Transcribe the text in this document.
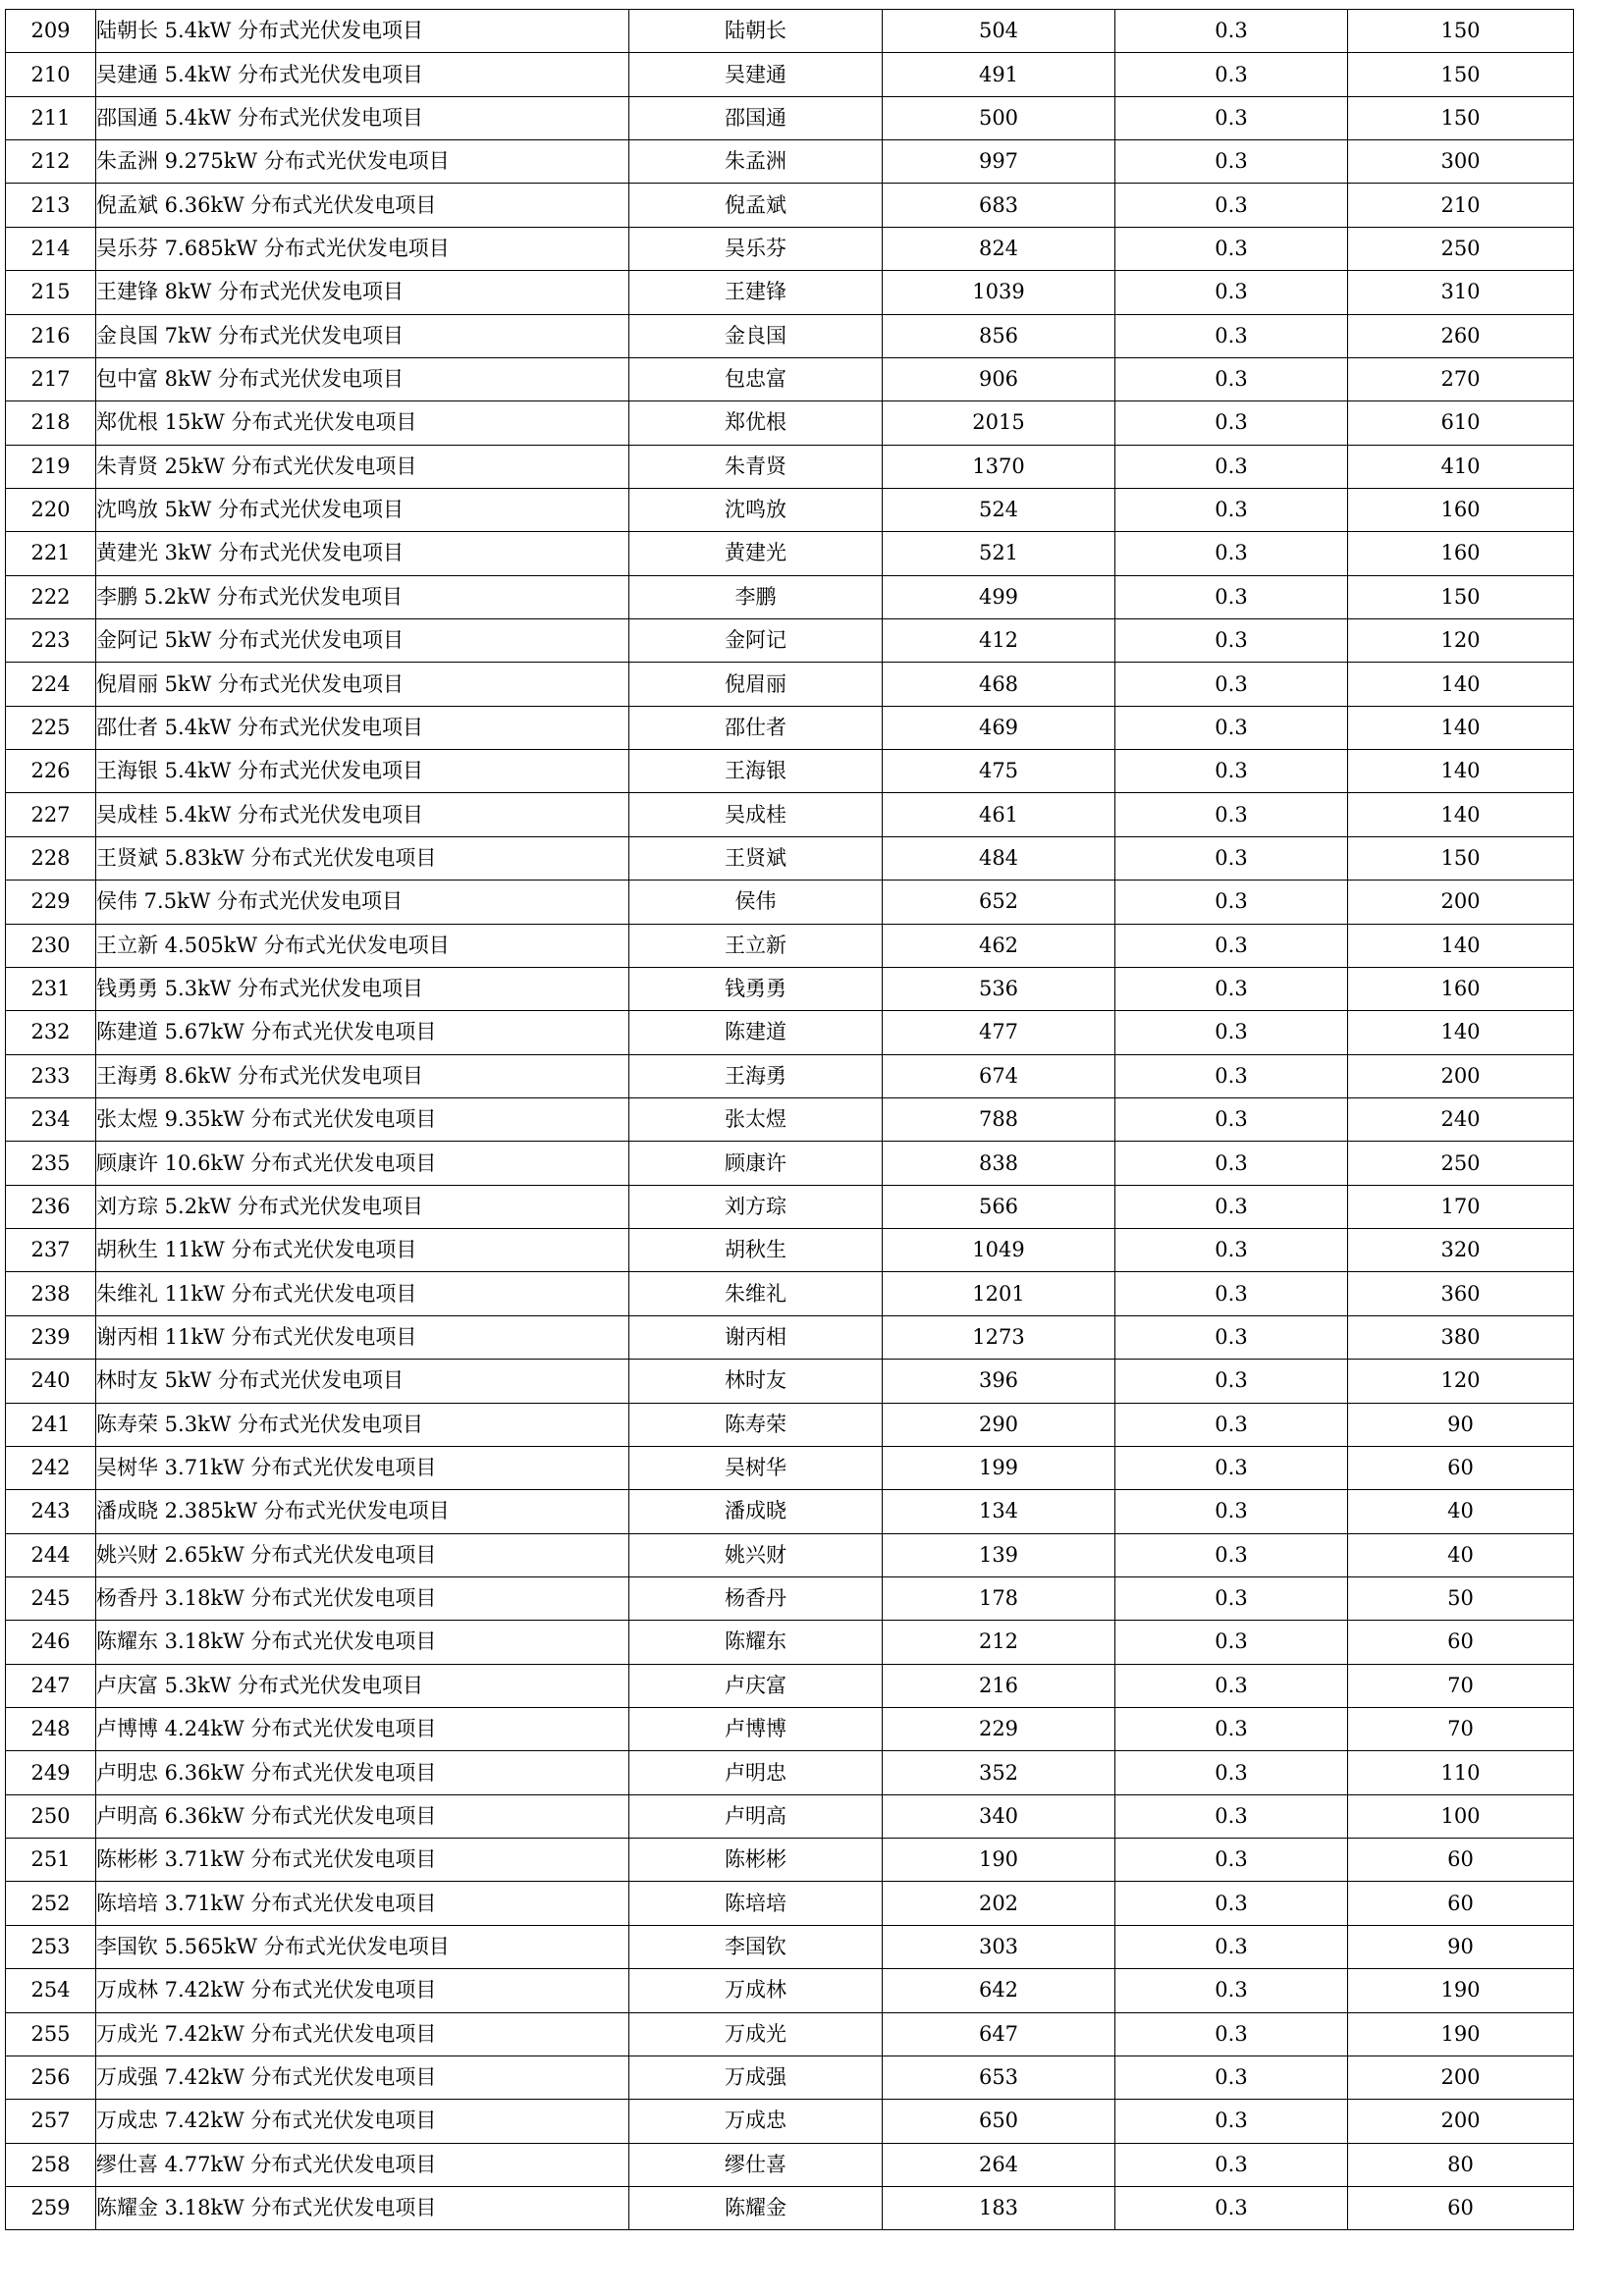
209	陆朝长 5.4kW 分布式光伏发电项目	陆朝长	504	0.3	150
210	吴建通 5.4kW 分布式光伏发电项目	吴建通	491	0.3	150
211	邵国通 5.4kW 分布式光伏发电项目	邵国通	500	0.3	150
212	朱孟洲 9.275kW 分布式光伏发电项目	朱孟洲	997	0.3	300
213	倪孟斌 6.36kW 分布式光伏发电项目	倪孟斌	683	0.3	210
214	吴乐芬 7.685kW 分布式光伏发电项目	吴乐芬	824	0.3	250
215	王建锋 8kW 分布式光伏发电项目	王建锋	1039	0.3	310
216	金良国 7kW 分布式光伏发电项目	金良国	856	0.3	260
217	包中富 8kW 分布式光伏发电项目	包忠富	906	0.3	270
218	郑优根 15kW 分布式光伏发电项目	郑优根	2015	0.3	610
219	朱青贤 25kW 分布式光伏发电项目	朱青贤	1370	0.3	410
220	沈鸣放 5kW 分布式光伏发电项目	沈鸣放	524	0.3	160
221	黄建光 3kW 分布式光伏发电项目	黄建光	521	0.3	160
222	李鹏 5.2kW 分布式光伏发电项目	李鹏	499	0.3	150
223	金阿记 5kW 分布式光伏发电项目	金阿记	412	0.3	120
224	倪眉丽 5kW 分布式光伏发电项目	倪眉丽	468	0.3	140
225	邵仕者 5.4kW 分布式光伏发电项目	邵仕者	469	0.3	140
226	王海银 5.4kW 分布式光伏发电项目	王海银	475	0.3	140
227	吴成桂 5.4kW 分布式光伏发电项目	吴成桂	461	0.3	140
228	王贤斌 5.83kW 分布式光伏发电项目	王贤斌	484	0.3	150
229	侯伟 7.5kW 分布式光伏发电项目	侯伟	652	0.3	200
230	王立新 4.505kW 分布式光伏发电项目	王立新	462	0.3	140
231	钱勇勇 5.3kW 分布式光伏发电项目	钱勇勇	536	0.3	160
232	陈建道 5.67kW 分布式光伏发电项目	陈建道	477	0.3	140
233	王海勇 8.6kW 分布式光伏发电项目	王海勇	674	0.3	200
234	张太煜 9.35kW 分布式光伏发电项目	张太煜	788	0.3	240
235	顾康许 10.6kW 分布式光伏发电项目	顾康许	838	0.3	250
236	刘方琮 5.2kW 分布式光伏发电项目	刘方琮	566	0.3	170
237	胡秋生 11kW 分布式光伏发电项目	胡秋生	1049	0.3	320
238	朱维礼 11kW 分布式光伏发电项目	朱维礼	1201	0.3	360
239	谢丙相 11kW 分布式光伏发电项目	谢丙相	1273	0.3	380
240	林时友 5kW 分布式光伏发电项目	林时友	396	0.3	120
241	陈寿荣 5.3kW 分布式光伏发电项目	陈寿荣	290	0.3	90
242	吴树华 3.71kW 分布式光伏发电项目	吴树华	199	0.3	60
243	潘成晓 2.385kW 分布式光伏发电项目	潘成晓	134	0.3	40
244	姚兴财 2.65kW 分布式光伏发电项目	姚兴财	139	0.3	40
245	杨香丹 3.18kW 分布式光伏发电项目	杨香丹	178	0.3	50
246	陈耀东 3.18kW 分布式光伏发电项目	陈耀东	212	0.3	60
247	卢庆富 5.3kW 分布式光伏发电项目	卢庆富	216	0.3	70
248	卢博博 4.24kW 分布式光伏发电项目	卢博博	229	0.3	70
249	卢明忠 6.36kW 分布式光伏发电项目	卢明忠	352	0.3	110
250	卢明高 6.36kW 分布式光伏发电项目	卢明高	340	0.3	100
251	陈彬彬 3.71kW 分布式光伏发电项目	陈彬彬	190	0.3	60
252	陈培培 3.71kW 分布式光伏发电项目	陈培培	202	0.3	60
253	李国钦 5.565kW 分布式光伏发电项目	李国钦	303	0.3	90
254	万成林 7.42kW 分布式光伏发电项目	万成林	642	0.3	190
255	万成光 7.42kW 分布式光伏发电项目	万成光	647	0.3	190
256	万成强 7.42kW 分布式光伏发电项目	万成强	653	0.3	200
257	万成忠 7.42kW 分布式光伏发电项目	万成忠	650	0.3	200
258	缪仕喜 4.77kW 分布式光伏发电项目	缪仕喜	264	0.3	80
259	陈耀金 3.18kW 分布式光伏发电项目	陈耀金	183	0.3	60
